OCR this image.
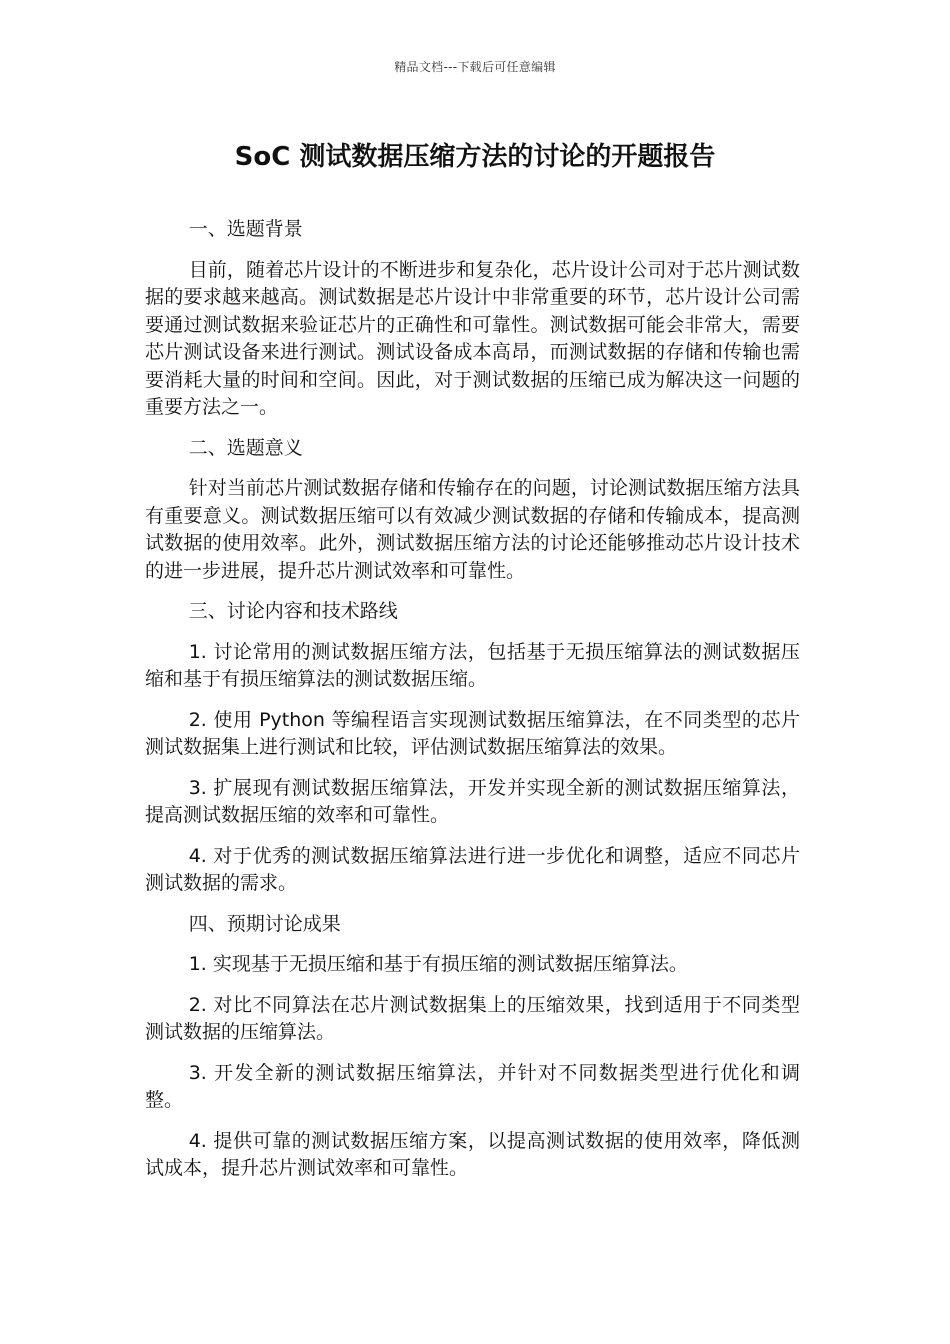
精品文档---下载后可任意编辑
SoC 测试数据压缩方法的讨论的开题报告

一、选题背景

目前，随着芯片设计的不断进步和复杂化，芯片设计公司对于芯片测试数据的要求越来越高。测试数据是芯片设计中非常重要的环节，芯片设计公司需要通过测试数据来验证芯片的正确性和可靠性。测试数据可能会非常大，需要芯片测试设备来进行测试。测试设备成本高昂，而测试数据的存储和传输也需要消耗大量的时间和空间。因此，对于测试数据的压缩已成为解决这一问题的重要方法之一。

二、选题意义

针对当前芯片测试数据存储和传输存在的问题，讨论测试数据压缩方法具有重要意义。测试数据压缩可以有效减少测试数据的存储和传输成本，提高测试数据的使用效率。此外，测试数据压缩方法的讨论还能够推动芯片设计技术的进一步进展，提升芯片测试效率和可靠性。

三、讨论内容和技术路线

1. 讨论常用的测试数据压缩方法，包括基于无损压缩算法的测试数据压缩和基于有损压缩算法的测试数据压缩。

2. 使用 Python 等编程语言实现测试数据压缩算法，在不同类型的芯片测试数据集上进行测试和比较，评估测试数据压缩算法的效果。

3. 扩展现有测试数据压缩算法，开发并实现全新的测试数据压缩算法，提高测试数据压缩的效率和可靠性。

4. 对于优秀的测试数据压缩算法进行进一步优化和调整，适应不同芯片测试数据的需求。

四、预期讨论成果

1. 实现基于无损压缩和基于有损压缩的测试数据压缩算法。

2. 对比不同算法在芯片测试数据集上的压缩效果，找到适用于不同类型测试数据的压缩算法。

3. 开发全新的测试数据压缩算法，并针对不同数据类型进行优化和调整。

4. 提供可靠的测试数据压缩方案，以提高测试数据的使用效率，降低测试成本，提升芯片测试效率和可靠性。
